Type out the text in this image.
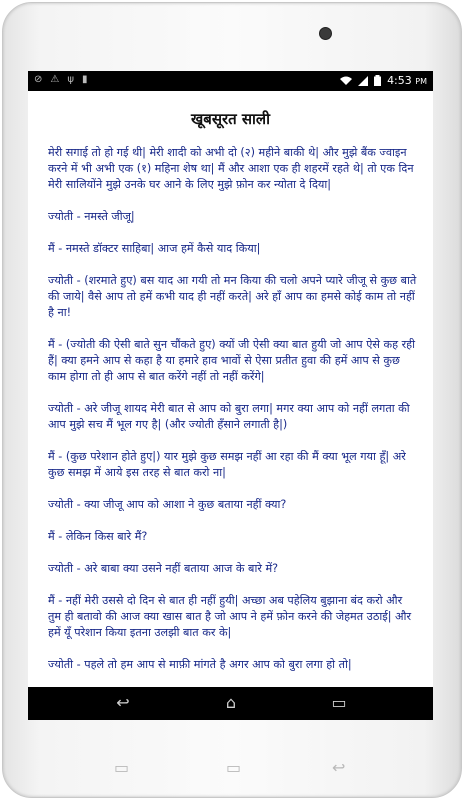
⊘ ⚠ ψ ▮	4:53 PM
खूबसूरत साली

मेरी सगाई तो हो गई थी| मेरी शादी को अभी दो (२) महीने बाकी थे| और मुझे बैंक ज्वाइन करने में भी अभी एक (१) महिना शेष था| मैं और आशा एक ही शहरमें रहते थे| तो एक दिन मेरी सालियोंने मुझे उनके घर आने के लिए मुझे फ़ोन कर न्योता दे दिया|

ज्योती - नमस्ते जीजू|

मैं - नमस्ते डॉक्टर साहिबा| आज हमें कैसे याद किया|

ज्योती - (शरमाते हुए) बस याद आ गयी तो मन किया की चलो अपने प्यारे जीजू से कुछ बाते की जाये| वैसे आप तो हमें कभी याद ही नहीं करते| अरे हाँ आप का हमसे कोई काम तो नहीं है ना!

मैं - (ज्योती की ऐसी बाते सुन चौंकते हुए) क्यों जी ऐसी क्या बात हुयी जो आप ऐसे कह रही हैं| क्या हमने आप से कहा है या हमारे हाव भावों से ऐसा प्रतीत हुवा की हमें आप से कुछ काम होगा तो ही आप से बात करेंगे नहीं तो नहीं करेंगे|

ज्योती - अरे जीजू शायद मेरी बात से आप को बुरा लगा| मगर क्या आप को नहीं लगता की आप मुझे सच मैं भूल गए है| (और ज्योती हँसाने लगाती है|)

मैं - (कुछ परेशान होते हुए|) यार मुझे कुछ समझ नहीं आ रहा की मैं क्या भूल गया हूँ| अरे कुछ समझ में आये इस तरह से बात करो ना|

ज्योती - क्या जीजू आप को आशा ने कुछ बताया नहीं क्या?

मैं - लेकिन किस बारे मैं?

ज्योती - अरे बाबा क्या उसने नहीं बताया आज के बारे में?

मैं - नहीं मेरी उससे दो दिन से बात ही नहीं हुयी| अच्छा अब पहेलिय बुझाना बंद करो और तुम ही बतावो की आज क्या खास बात है जो आप ने हमें फ़ोन करने की जेहमत उठाई| और हमें यूँ परेशान किया इतना उलझी बात कर के|

ज्योती - पहले तो हम आप से माफ़ी मांगते है अगर आप को बुरा लगा हो तो|

↩	⌂	▭
▭	▭	↩
